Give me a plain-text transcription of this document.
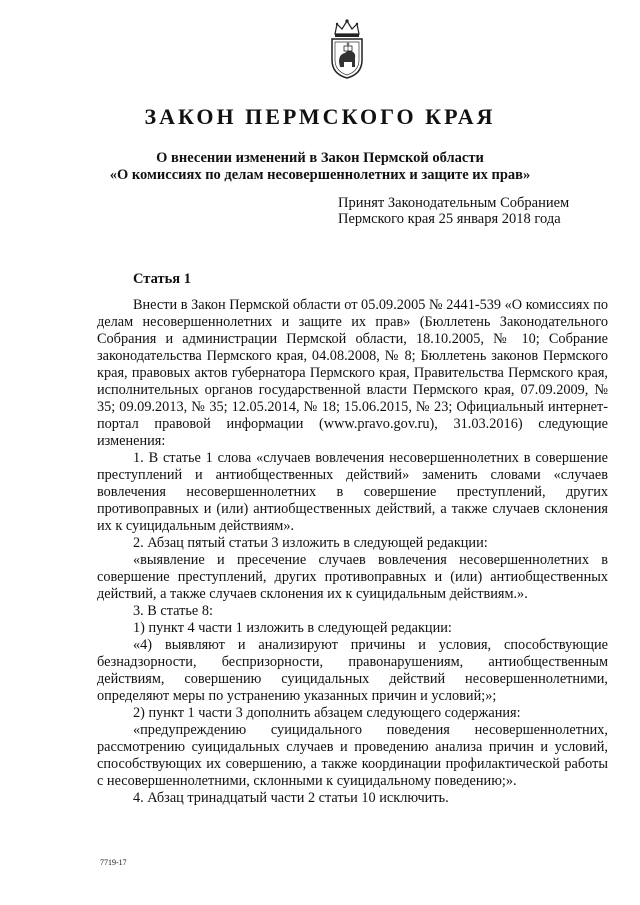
ЗАКОН ПЕРМСКОГО КРАЯ
О внесении изменений в Закон Пермской области
«О комиссиях по делам несовершеннолетних и защите их прав»
Принят Законодательным Собранием
Пермского края 25 января 2018 года
Статья 1

Внести в Закон Пермской области от 05.09.2005 № 2441-539 «О комиссиях по делам несовершеннолетних и защите их прав» (Бюллетень Законодательного Собрания и администрации Пермской области, 18.10.2005, № 10; Собрание законодательства Пермского края, 04.08.2008, № 8; Бюллетень законов Пермского края, правовых актов губернатора Пермского края, Правительства Пермского края, исполнительных органов государственной власти Пермского края, 07.09.2009, № 35; 09.09.2013, № 35; 12.05.2014, № 18; 15.06.2015, № 23; Официальный интернет-портал правовой информации (www.pravo.gov.ru), 31.03.2016) следующие изменения:

1. В статье 1 слова «случаев вовлечения несовершеннолетних в совершение преступлений и антиобщественных действий» заменить словами «случаев вовлечения несовершеннолетних в совершение преступлений, других противоправных и (или) антиобщественных действий, а также случаев склонения их к суицидальным действиям».

2. Абзац пятый статьи 3 изложить в следующей редакции:

«выявление и пресечение случаев вовлечения несовершеннолетних в совершение преступлений, других противоправных и (или) антиобщественных действий, а также случаев склонения их к суицидальным действиям.».

3. В статье 8:

1) пункт 4 части 1 изложить в следующей редакции:

«4) выявляют и анализируют причины и условия, способствующие безнадзорности, беспризорности, правонарушениям, антиобщественным действиям, совершению суицидальных действий несовершеннолетними, определяют меры по устранению указанных причин и условий;»;

2) пункт 1 части 3 дополнить абзацем следующего содержания:

«предупреждению суицидального поведения несовершеннолетних, рассмотрению суицидальных случаев и проведению анализа причин и условий, способствующих их совершению, а также координации профилактической работы с несовершеннолетними, склонными к суицидальному поведению;».

4. Абзац тринадцатый части 2 статьи 10 исключить.

7719-17
